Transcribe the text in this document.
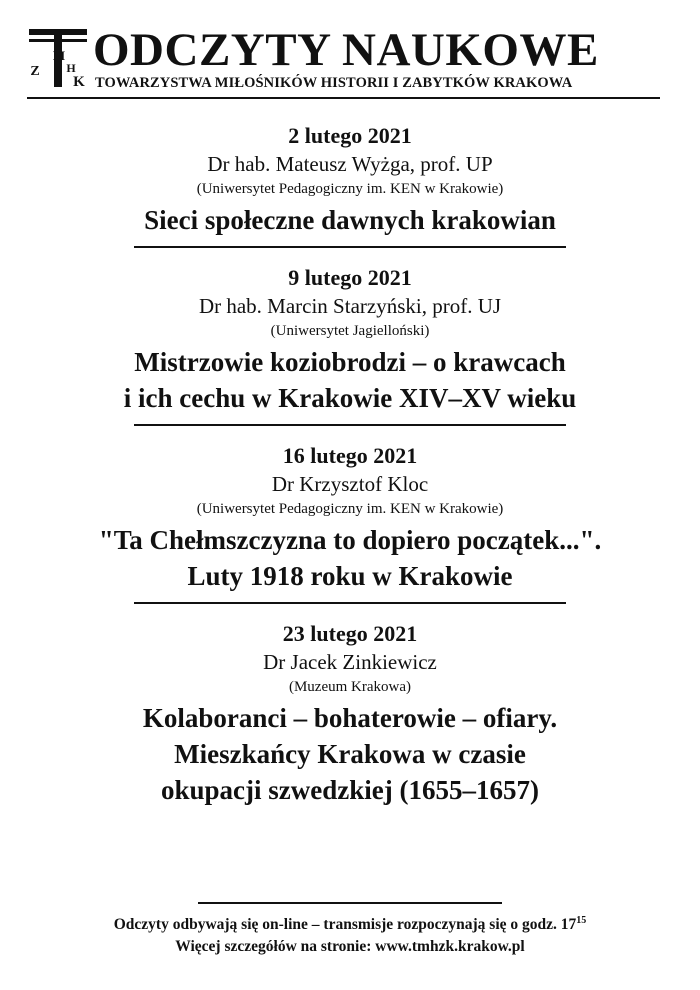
M
H
Z
K
ODCZYTY NAUKOWE
TOWARZYSTWA MIŁOŚNIKÓW HISTORII I ZABYTKÓW KRAKOWA
2 lutego 2021
Dr hab. Mateusz Wyżga, prof. UP
(Uniwersytet Pedagogiczny im. KEN w Krakowie)
Sieci społeczne dawnych krakowian
9 lutego 2021
Dr hab. Marcin Starzyński, prof. UJ
(Uniwersytet Jagielloński)
Mistrzowie koziobrodzi – o krawcach
i ich cechu w Krakowie XIV–XV wieku
16 lutego 2021
Dr Krzysztof Kloc
(Uniwersytet Pedagogiczny im. KEN w Krakowie)
"Ta Chełmszczyzna to dopiero początek...".
Luty 1918 roku w Krakowie
23 lutego 2021
Dr Jacek Zinkiewicz
(Muzeum Krakowa)
Kolaboranci – bohaterowie – ofiary.
Mieszkańcy Krakowa w czasie
okupacji szwedzkiej (1655–1657)
Odczyty odbywają się on-line – transmisje rozpoczynają się o godz. $17^{15}$
Więcej szczegółów na stronie: www.tmhzk.krakow.pl
